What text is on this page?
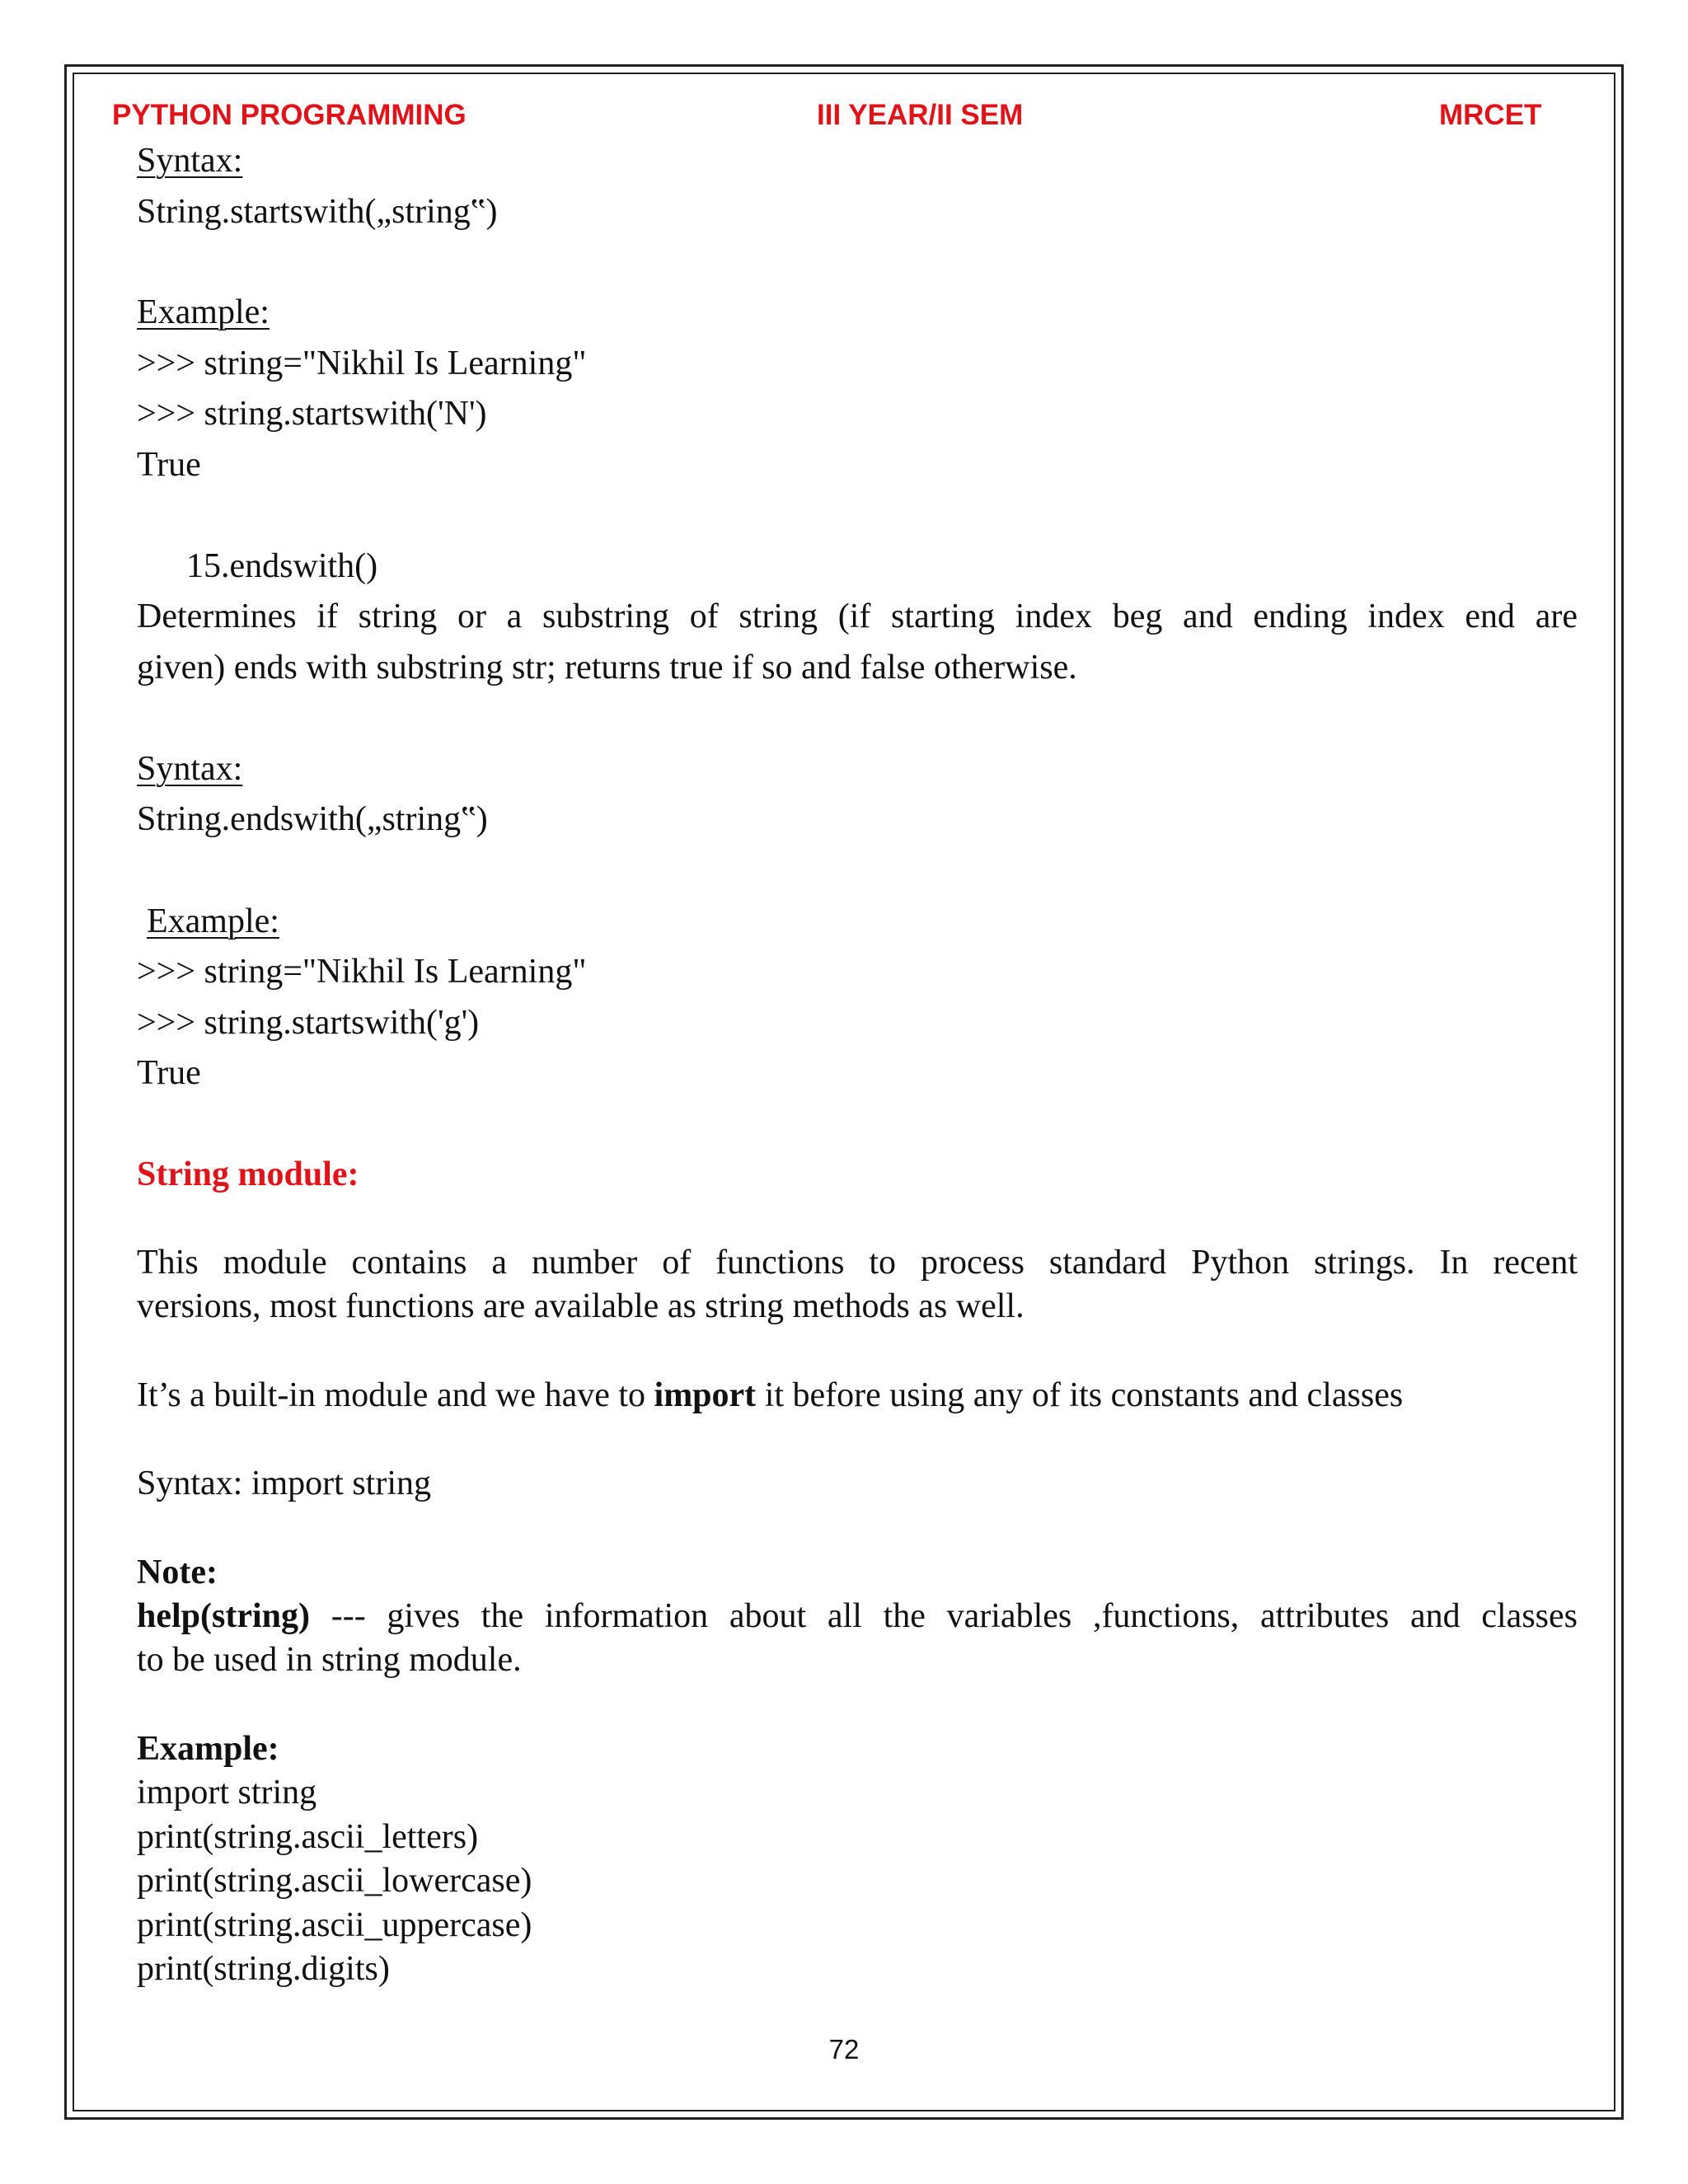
PYTHON PROGRAMMING	III YEAR/II SEM	MRCET
Syntax:
String.startswith(„string‟)
Example:
>>> string="Nikhil Is Learning"
>>> string.startswith('N')
True
15.endswith()
Determines if string or a substring of string (if starting index beg and ending index end are
given) ends with substring str; returns true if so and false otherwise.
Syntax:
String.endswith(„string‟)
Example:
>>> string="Nikhil Is Learning"
>>> string.startswith('g')
True
String module:
This module contains a number of functions to process standard Python strings. In recent
versions, most functions are available as string methods as well.
It’s a built-in module and we have to import it before using any of its constants and classes
Syntax: import string
Note:
help(string) --- gives the information about all the variables ,functions, attributes and classes
to be used in string module.
Example:
import string
print(string.ascii_letters)
print(string.ascii_lowercase)
print(string.ascii_uppercase)
print(string.digits)
72
